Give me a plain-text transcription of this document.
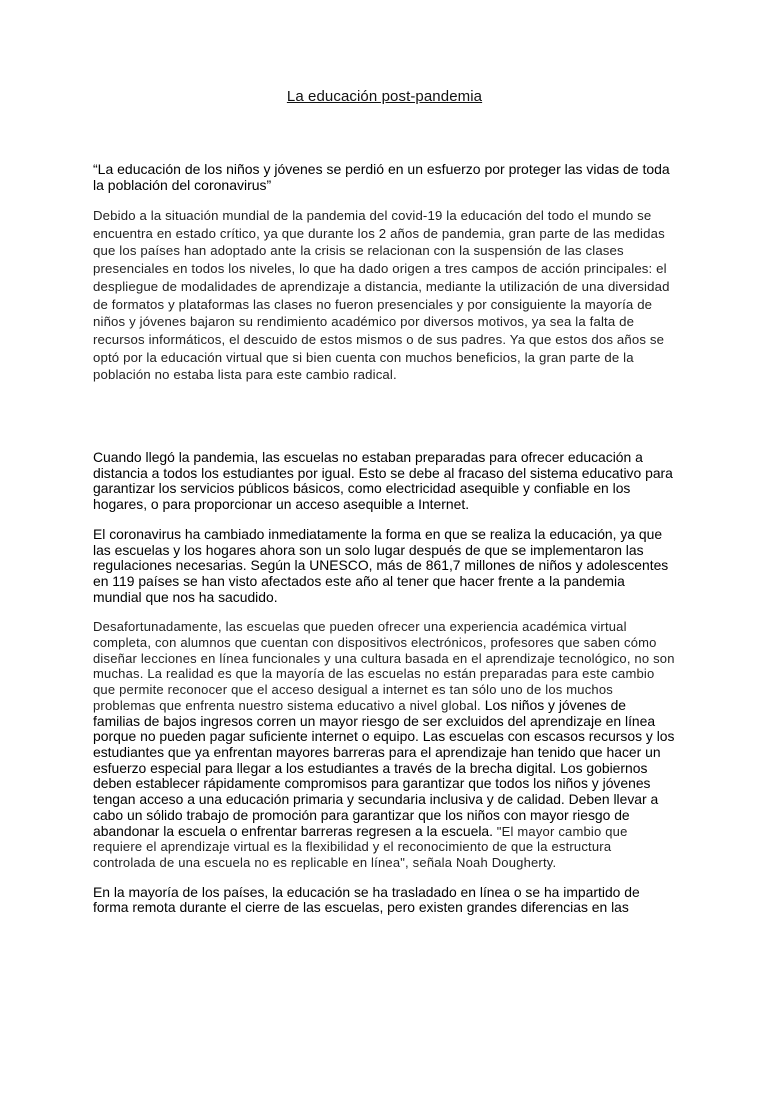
La educación post-pandemia

“La educación de los niños y jóvenes se perdió en un esfuerzo por proteger las vidas de toda la población del coronavirus”

Debido a la situación mundial de la pandemia del covid-19 la educación del todo el mundo se encuentra en estado crítico, ya que durante los 2 años de pandemia, gran parte de las medidas que los países han adoptado ante la crisis se relacionan con la suspensión de las clases presenciales en todos los niveles, lo que ha dado origen a tres campos de acción principales: el despliegue de modalidades de aprendizaje a distancia, mediante la utilización de una diversidad de formatos y plataformas las clases no fueron presenciales y por consiguiente la mayoría de niños y jóvenes bajaron su rendimiento académico por diversos motivos, ya sea la falta de recursos informáticos, el descuido de estos mismos o de sus padres. Ya que estos dos años se optó por la educación virtual que si bien cuenta con muchos beneficios, la gran parte de la población no estaba lista para este cambio radical.

Cuando llegó la pandemia, las escuelas no estaban preparadas para ofrecer educación a distancia a todos los estudiantes por igual. Esto se debe al fracaso del sistema educativo para garantizar los servicios públicos básicos, como electricidad asequible y confiable en los hogares, o para proporcionar un acceso asequible a Internet.

El coronavirus ha cambiado inmediatamente la forma en que se realiza la educación, ya que las escuelas y los hogares ahora son un solo lugar después de que se implementaron las regulaciones necesarias. Según la UNESCO, más de 861,7 millones de niños y adolescentes en 119 países se han visto afectados este año al tener que hacer frente a la pandemia mundial que nos ha sacudido.

Desafortunadamente, las escuelas que pueden ofrecer una experiencia académica virtual completa, con alumnos que cuentan con dispositivos electrónicos, profesores que saben cómo diseñar lecciones en línea funcionales y una cultura basada en el aprendizaje tecnológico, no son muchas. La realidad es que la mayoría de las escuelas no están preparadas para este cambio que permite reconocer que el acceso desigual a internet es tan sólo uno de los muchos problemas que enfrenta nuestro sistema educativo a nivel global. Los niños y jóvenes de familias de bajos ingresos corren un mayor riesgo de ser excluidos del aprendizaje en línea porque no pueden pagar suficiente internet o equipo. Las escuelas con escasos recursos y los estudiantes que ya enfrentan mayores barreras para el aprendizaje han tenido que hacer un esfuerzo especial para llegar a los estudiantes a través de la brecha digital. Los gobiernos deben establecer rápidamente compromisos para garantizar que todos los niños y jóvenes tengan acceso a una educación primaria y secundaria inclusiva y de calidad. Deben llevar a cabo un sólido trabajo de promoción para garantizar que los niños con mayor riesgo de abandonar la escuela o enfrentar barreras regresen a la escuela. "El mayor cambio que requiere el aprendizaje virtual es la flexibilidad y el reconocimiento de que la estructura controlada de una escuela no es replicable en línea", señala Noah Dougherty.

En la mayoría de los países, la educación se ha trasladado en línea o se ha impartido de forma remota durante el cierre de las escuelas, pero existen grandes diferencias en las
